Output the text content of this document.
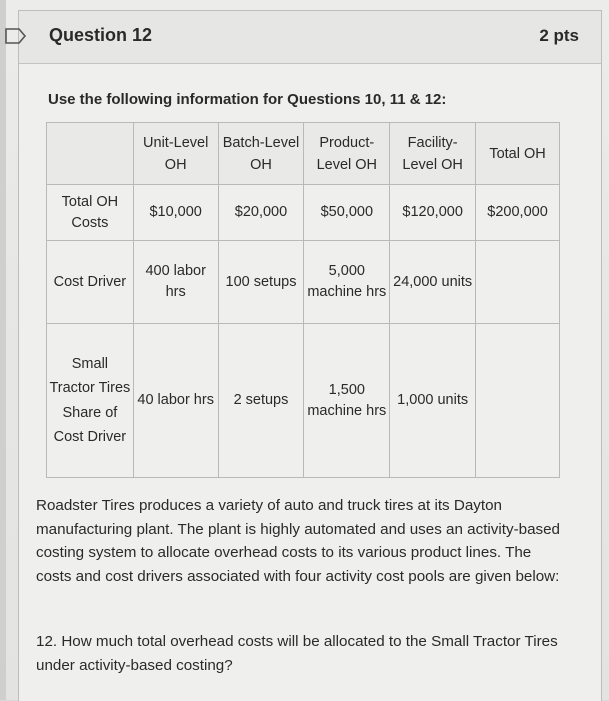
Question 12	2 pts
Use the following information for Questions 10, 11 & 12:
	Unit-Level OH	Batch-Level OH	Product-Level OH	Facility-Level OH	Total OH
Total OH Costs	$10,000	$20,000	$50,000	$120,000	$200,000
Cost Driver	400 labor hrs	100 setups	5,000 machine hrs	24,000 units	
Small Tractor Tires Share of Cost Driver	40 labor hrs	2 setups	1,500 machine hrs	1,000 units	
Roadster Tires produces a variety of auto and truck tires at its Dayton manufacturing plant. The plant is highly automated and uses an activity-based costing system to allocate overhead costs to its various product lines. The costs and cost drivers associated with four activity cost pools are given below:
12. How much total overhead costs will be allocated to the Small Tractor Tires under activity-based costing?
